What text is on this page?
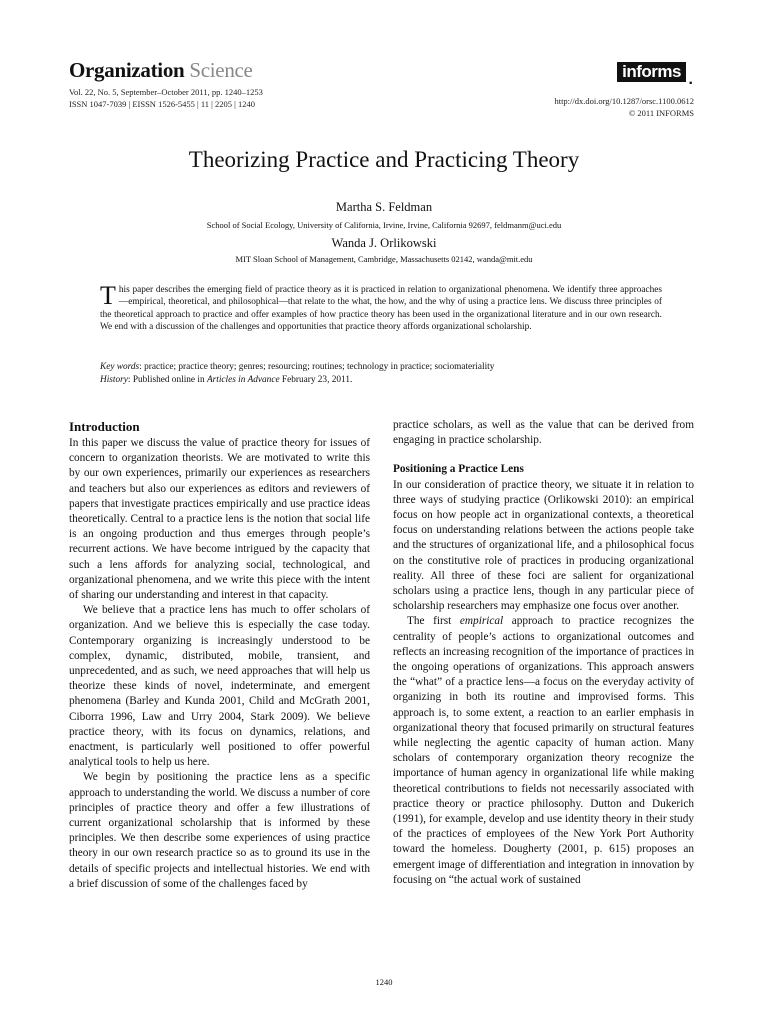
Organization Science
Vol. 22, No. 5, September–October 2011, pp. 1240–1253
ISSN 1047-7039 | EISSN 1526-5455 | 11 | 2205 | 1240
informs .
http://dx.doi.org/10.1287/orsc.1100.0612
© 2011 INFORMS
Theorizing Practice and Practicing Theory
Martha S. Feldman
School of Social Ecology, University of California, Irvine, Irvine, California 92697, feldmanm@uci.edu
Wanda J. Orlikowski
MIT Sloan School of Management, Cambridge, Massachusetts 02142, wanda@mit.edu
This paper describes the emerging field of practice theory as it is practiced in relation to organizational phenomena. We identify three approaches—empirical, theoretical, and philosophical—that relate to the what, the how, and the why of using a practice lens. We discuss three principles of the theoretical approach to practice and offer examples of how practice theory has been used in the organizational literature and in our own research. We end with a discussion of the challenges and opportunities that practice theory affords organizational scholarship.
Key words: practice; practice theory; genres; resourcing; routines; technology in practice; sociomateriality
History: Published online in Articles in Advance February 23, 2011.
Introduction

In this paper we discuss the value of practice theory for issues of concern to organization theorists. We are motivated to write this by our own experiences, primarily our experiences as researchers and teachers but also our experiences as editors and reviewers of papers that investigate practices empirically and use practice ideas theoretically. Central to a practice lens is the notion that social life is an ongoing production and thus emerges through people’s recurrent actions. We have become intrigued by the capacity that such a lens affords for analyzing social, technological, and organizational phenomena, and we write this piece with the intent of sharing our understanding and interest in that capacity.

We believe that a practice lens has much to offer scholars of organization. And we believe this is especially the case today. Contemporary organizing is increasingly understood to be complex, dynamic, distributed, mobile, transient, and unprecedented, and as such, we need approaches that will help us theorize these kinds of novel, indeterminate, and emergent phenomena (Barley and Kunda 2001, Child and McGrath 2001, Ciborra 1996, Law and Urry 2004, Stark 2009). We believe practice theory, with its focus on dynamics, relations, and enactment, is particularly well positioned to offer powerful analytical tools to help us here.

We begin by positioning the practice lens as a specific approach to understanding the world. We discuss a number of core principles of practice theory and offer a few illustrations of current organizational scholarship that is informed by these principles. We then describe some experiences of using practice theory in our own research practice so as to ground its use in the details of specific projects and intellectual histories. We end with a brief discussion of some of the challenges faced by

practice scholars, as well as the value that can be derived from engaging in practice scholarship.

Positioning a Practice Lens

In our consideration of practice theory, we situate it in relation to three ways of studying practice (Orlikowski 2010): an empirical focus on how people act in organizational contexts, a theoretical focus on understanding relations between the actions people take and the structures of organizational life, and a philosophical focus on the constitutive role of practices in producing organizational reality. All three of these foci are salient for organizational scholars using a practice lens, though in any particular piece of scholarship researchers may emphasize one focus over another.

The first empirical approach to practice recognizes the centrality of people’s actions to organizational outcomes and reflects an increasing recognition of the importance of practices in the ongoing operations of organizations. This approach answers the “what” of a practice lens—a focus on the everyday activity of organizing in both its routine and improvised forms. This approach is, to some extent, a reaction to an earlier emphasis in organizational theory that focused primarily on structural features while neglecting the agentic capacity of human action. Many scholars of contemporary organization theory recognize the importance of human agency in organizational life while making theoretical contributions to fields not necessarily associated with practice theory or practice philosophy. Dutton and Dukerich (1991), for example, develop and use identity theory in their study of the practices of employees of the New York Port Authority toward the homeless. Dougherty (2001, p. 615) proposes an emergent image of differentiation and integration in innovation by focusing on “the actual work of sustained

1240
